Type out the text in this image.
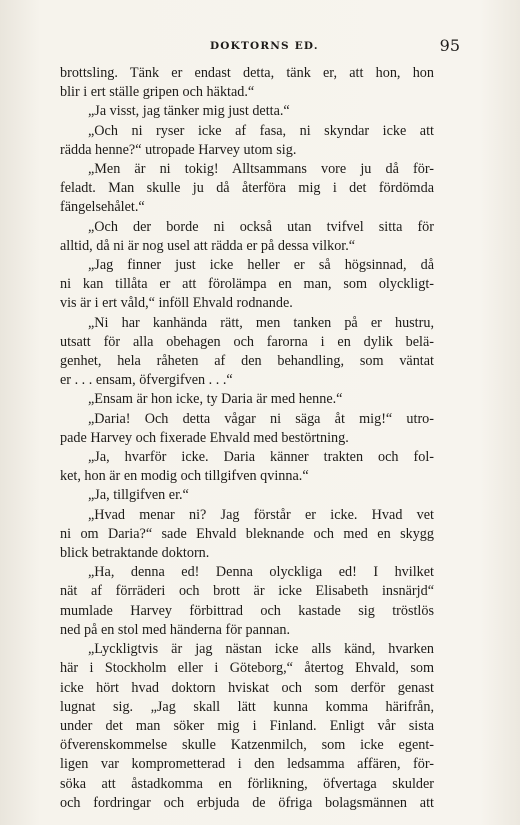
DOKTORNS ED.	95
brottsling. Tänk er endast detta, tänk er, att hon, hon
blir i ert ställe gripen och häktad.“
„Ja visst, jag tänker mig just detta.“
„Och ni ryser icke af fasa, ni skyndar icke att
rädda henne?“ utropade Harvey utom sig.
„Men är ni tokig! Alltsammans vore ju då för-
feladt. Man skulle ju då återföra mig i det fördömda
fängelsehålet.“
„Och der borde ni också utan tvifvel sitta för
alltid, då ni är nog usel att rädda er på dessa vilkor.“
„Jag finner just icke heller er så högsinnad, då
ni kan tillåta er att förolämpa en man, som olyckligt-
vis är i ert våld,“ inföll Ehvald rodnande.
„Ni har kanhända rätt, men tanken på er hustru,
utsatt för alla obehagen och farorna i en dylik belä-
genhet, hela råheten af den behandling, som väntat
er . . . ensam, öfvergifven . . .“
„Ensam är hon icke, ty Daria är med henne.“
„Daria! Och detta vågar ni säga åt mig!“ utro-
pade Harvey och fixerade Ehvald med bestörtning.
„Ja, hvarför icke. Daria känner trakten och fol-
ket, hon är en modig och tillgifven qvinna.“
„Ja, tillgifven er.“
„Hvad menar ni? Jag förstår er icke. Hvad vet
ni om Daria?“ sade Ehvald bleknande och med en skygg
blick betraktande doktorn.
„Ha, denna ed! Denna olyckliga ed! I hvilket
nät af förräderi och brott är icke Elisabeth insnärjd“
mumlade Harvey förbittrad och kastade sig tröstlös
ned på en stol med händerna för pannan.
„Lyckligtvis är jag nästan icke alls känd, hvarken
här i Stockholm eller i Göteborg,“ återtog Ehvald, som
icke hört hvad doktorn hviskat och som derför genast
lugnat sig. „Jag skall lätt kunna komma härifrån,
under det man söker mig i Finland. Enligt vår sista
öfverenskommelse skulle Katzenmilch, som icke egent-
ligen var komprometterad i den ledsamma affären, för-
söka att åstadkomma en förlikning, öfvertaga skulder
och fordringar och erbjuda de öfriga bolagsmännen att
